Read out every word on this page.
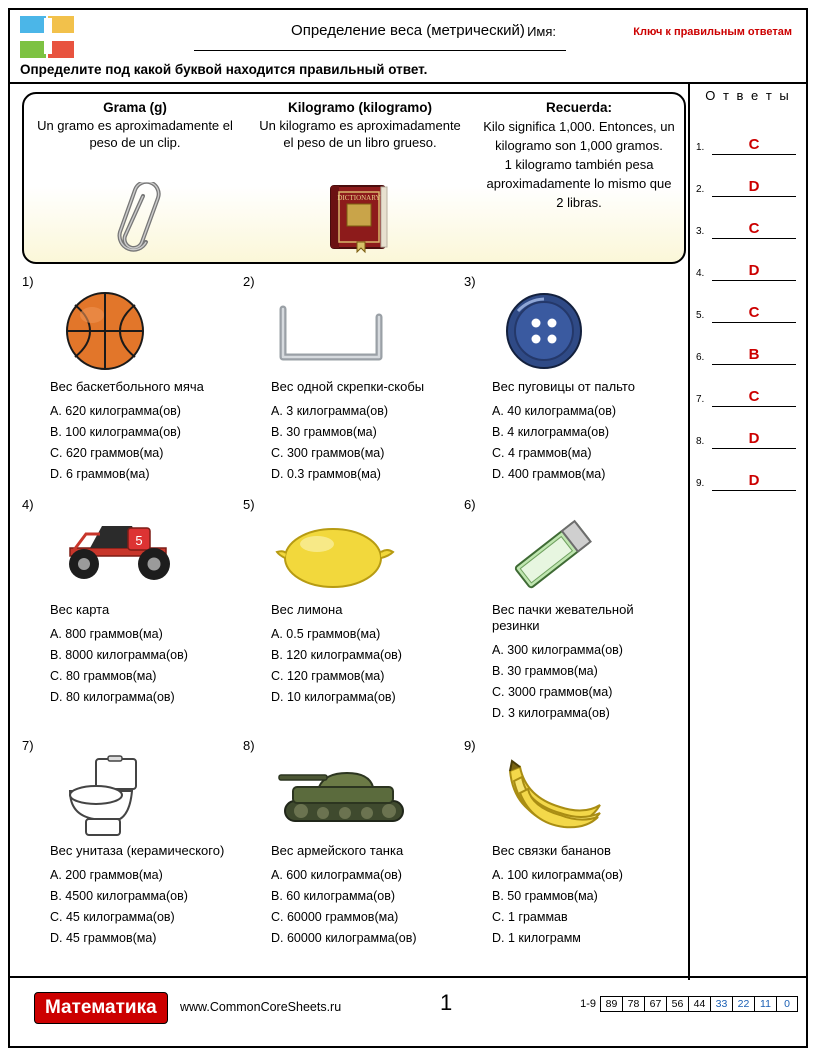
Определение веса (метрический) Имя:	Ключ к правильным ответам
Определите под какой буквой находится правильный ответ.
О т в е т ы
1.	C
2.	D
3.	C
4.	D
5.	C
6.	B
7.	C
8.	D
9.	D
Grama (g)
Un gramo es aproximadamente el peso de un clip.
Kilogramo (kilogramo)
Un kilogramo es aproximadamente el peso de un libro grueso.
DICTIONARY
Recuerda:
Kilo significa 1,000. Entonces, un kilogramo son 1,000 gramos.
1 kilogramo también pesa aproximadamente lo mismo que 2 libras.
1)
Вес баскетбольного мяча
A. 620 килограмма(ов)
B. 100 килограмма(ов)
C. 620 граммов(ма)
D. 6 граммов(ма)
2)
Вес одной скрепки-скобы
A. 3 килограмма(ов)
B. 30 граммов(ма)
C. 300 граммов(ма)
D. 0.3 граммов(ма)
3)
Вес пуговицы от пальто
A. 40 килограмма(ов)
B. 4 килограмма(ов)
C. 4 граммов(ма)
D. 400 граммов(ма)
4)
5
Вес карта
A. 800 граммов(ма)
B. 8000 килограмма(ов)
C. 80 граммов(ма)
D. 80 килограмма(ов)
5)
Вес лимона
A. 0.5 граммов(ма)
B. 120 килограмма(ов)
C. 120 граммов(ма)
D. 10 килограмма(ов)
6)
Вес пачки жевательной резинки
A. 300 килограмма(ов)
B. 30 граммов(ма)
C. 3000 граммов(ма)
D. 3 килограмма(ов)
7)
Вес унитаза (керамического)
A. 200 граммов(ма)
B. 4500 килограмма(ов)
C. 45 килограмма(ов)
D. 45 граммов(ма)
8)
Вес армейского танка
A. 600 килограмма(ов)
B. 60 килограмма(ов)
C. 60000 граммов(ма)
D. 60000 килограмма(ов)
9)
Вес связки бананов
A. 100 килограмма(ов)
B. 50 граммов(ма)
C. 1 граммав
D. 1 килограмм
Математика	www.CommonCoreSheets.ru	1	1-9 89 78 67 56 44 33 22	11	0
